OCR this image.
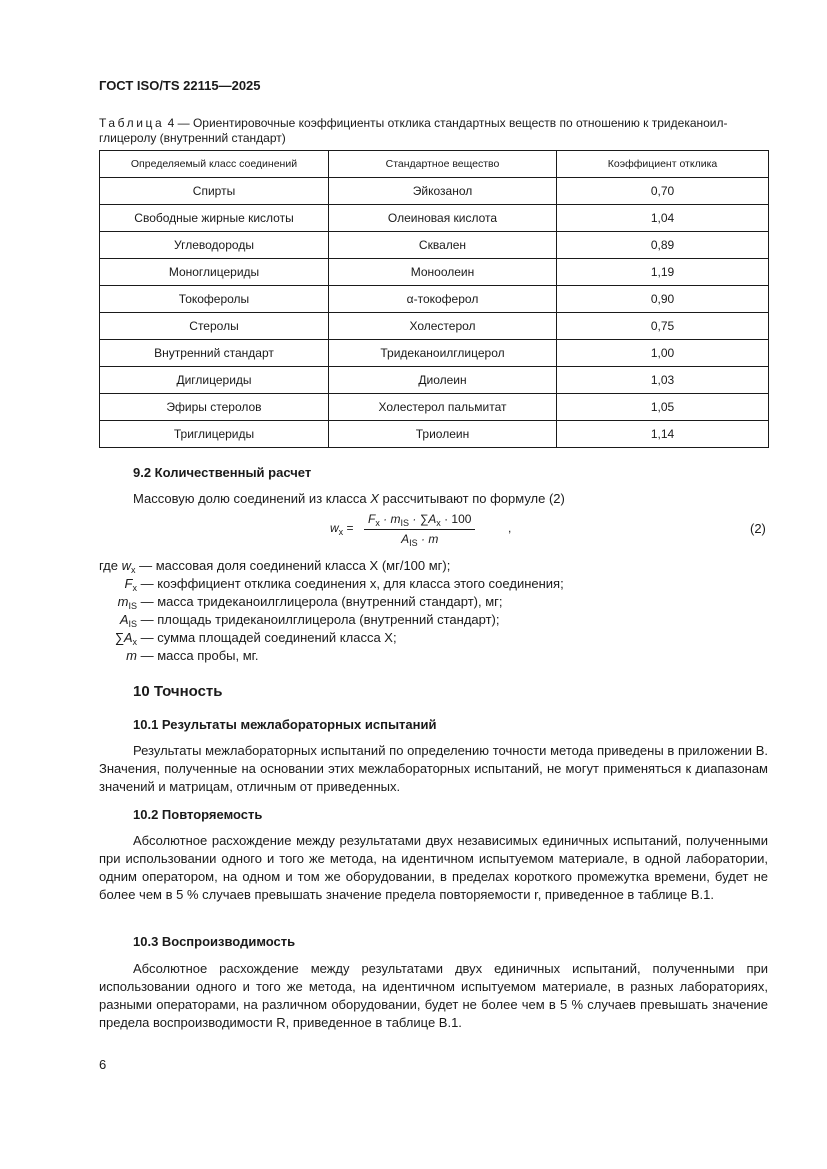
ГОСТ ISO/TS 22115—2025
Таблица 4 — Ориентировочные коэффициенты отклика стандартных веществ по отношению к тридеканоил-
глицеролу (внутренний стандарт)
Определяемый класс соединений	Стандартное вещество	Коэффициент отклика
Спирты	Эйкозанол	0,70
Свободные жирные кислоты	Олеиновая кислота	1,04
Углеводороды	Сквален	0,89
Моноглицериды	Моноолеин	1,19
Токоферолы	α-токоферол	0,90
Стеролы	Холестерол	0,75
Внутренний стандарт	Тридеканоилглицерол	1,00
Диглицериды	Диолеин	1,03
Эфиры стеролов	Холестерол пальмитат	1,05
Триглицериды	Триолеин	1,14
9.2 Количественный расчет
Массовую долю соединений из класса X рассчитывают по формуле (2)
$w_x$ =
$F_x \cdot m_{IS} \cdot \sum A_x \cdot 100$
$A_{IS} \cdot m$
,	(2)
где $w_x$ — массовая доля соединений класса X (мг/100 мг);
$F_x$ — коэффициент отклика соединения x, для класса этого соединения;
$m_{IS}$ — масса тридеканоилглицерола (внутренний стандарт), мг;
$A_{IS}$ — площадь тридеканоилглицерола (внутренний стандарт);
$\sum A_x$ — сумма площадей соединений класса X;
m — масса пробы, мг.
10 Точность
10.1 Результаты межлабораторных испытаний
Результаты межлабораторных испытаний по определению точности метода приведены в приложении В. Значения, полученные на основании этих межлабораторных испытаний, не могут применяться к диапазонам значений и матрицам, отличным от приведенных.
10.2 Повторяемость
Абсолютное расхождение между результатами двух независимых единичных испытаний, полученными при использовании одного и того же метода, на идентичном испытуемом материале, в одной лаборатории, одним оператором, на одном и том же оборудовании, в пределах короткого промежутка времени, будет не более чем в 5 % случаев превышать значение предела повторяемости r, приведенное в таблице В.1.
10.3 Воспроизводимость
Абсолютное расхождение между результатами двух единичных испытаний, полученными при использовании одного и того же метода, на идентичном испытуемом материале, в разных лабораториях, разными операторами, на различном оборудовании, будет не более чем в 5 % случаев превышать значение предела воспроизводимости R, приведенное в таблице В.1.
6
